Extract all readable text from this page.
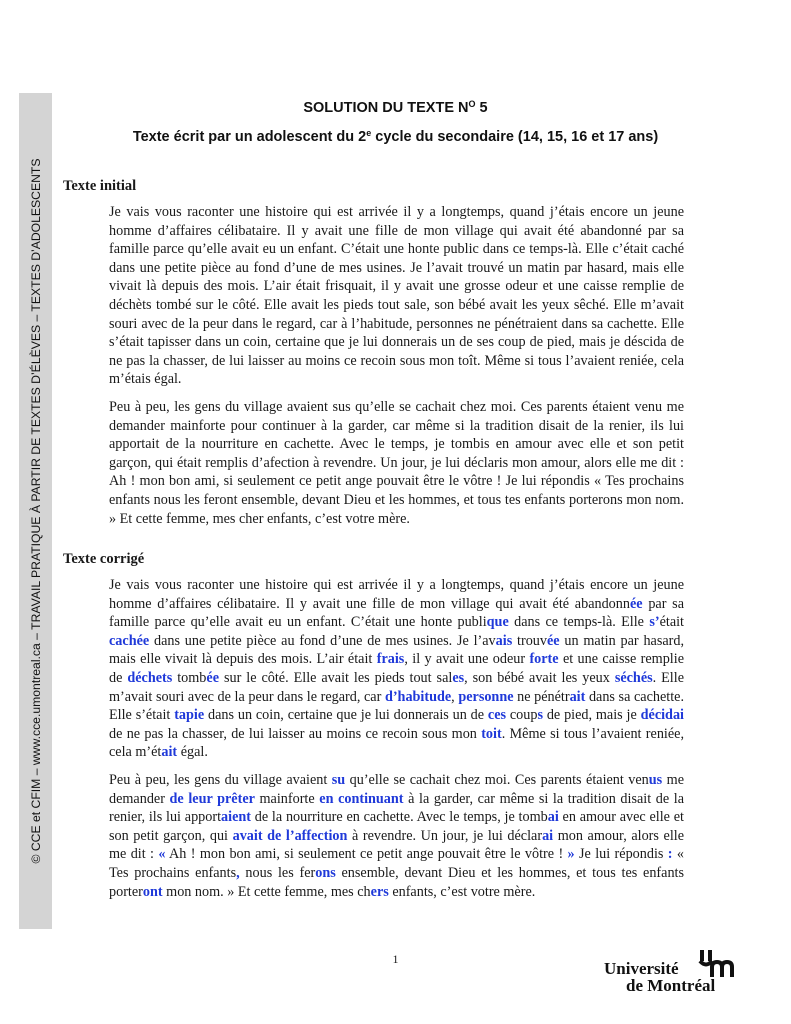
© CCE et CFIM – www.cce.umontreal.ca – TRAVAIL PRATIQUE À PARTIR DE TEXTES D’ÉLÈVES – TEXTES D’ADOLESCENTS
SOLUTION DU TEXTE $N^O$ 5
Texte écrit par un adolescent du 2e cycle du secondaire (14, 15, 16 et 17 ans)
Texte initial

Je vais vous raconter une histoire qui est arrivée il y a longtemps, quand j’étais encore un jeune homme d’affaires célibataire. Il y avait une fille de mon village qui avait été abandonné par sa famille parce qu’elle avait eu un enfant. C’était une honte public dans ce temps-là. Elle c’était caché dans une petite pièce au fond d’une de mes usines. Je l’avait trouvé un matin par hasard, mais elle vivait là depuis des mois. L’air était frisquait, il y avait une grosse odeur et une caisse remplie de déchèts tombé sur le côté. Elle avait les pieds tout sale, son bébé avait les yeux sêché. Elle m’avait souri avec de la peur dans le regard, car à l’habitude, personnes ne pénétraient dans sa cachette. Elle s’était tapisser dans un coin, certaine que je lui donnerais un de ses coup de pied, mais je déscida de ne pas la chasser, de lui laisser au moins ce recoin sous mon toît. Même si tous l’avaient reniée, cela m’étais égal.

Peu à peu, les gens du village avaient sus qu’elle se cachait chez moi. Ces parents étaient venu me demander mainforte pour continuer à la garder, car même si la tradition disait de la renier, ils lui apportait de la nourriture en cachette. Avec le temps, je tombis en amour avec elle et son petit garçon, qui était remplis d’afection à revendre. Un jour, je lui déclaris mon amour, alors elle me dit : Ah ! mon bon ami, si seulement ce petit ange pouvait être le vôtre ! Je lui répondis « Tes prochains enfants nous les feront ensemble, devant Dieu et les hommes, et tous tes enfants porterons mon nom. » Et cette femme, mes cher enfants, c’est votre mère.

Texte corrigé

Je vais vous raconter une histoire qui est arrivée il y a longtemps, quand j’étais encore un jeune homme d’affaires célibataire. Il y avait une fille de mon village qui avait été abandonnée par sa famille parce qu’elle avait eu un enfant. C’était une honte publique dans ce temps-là. Elle s’était cachée dans une petite pièce au fond d’une de mes usines. Je l’avais trouvée un matin par hasard, mais elle vivait là depuis des mois. L’air était frais, il y avait une odeur forte et une caisse remplie de déchets tombée sur le côté. Elle avait les pieds tout sales, son bébé avait les yeux séchés. Elle m’avait souri avec de la peur dans le regard, car d’habitude, personne ne pénétrait dans sa cachette. Elle s’était tapie dans un coin, certaine que je lui donnerais un de ces coups de pied, mais je décidai de ne pas la chasser, de lui laisser au moins ce recoin sous mon toit. Même si tous l’avaient reniée, cela m’était égal.

Peu à peu, les gens du village avaient su qu’elle se cachait chez moi. Ces parents étaient venus me demander de leur prêter mainforte en continuant à la garder, car même si la tradition disait de la renier, ils lui apportaient de la nourriture en cachette. Avec le temps, je tombai en amour avec elle et son petit garçon, qui avait de l’affection à revendre. Un jour, je lui déclarai mon amour, alors elle me dit : « Ah ! mon bon ami, si seulement ce petit ange pouvait être le vôtre ! » Je lui répondis : « Tes prochains enfants, nous les ferons ensemble, devant Dieu et les hommes, et tous tes enfants porteront mon nom. » Et cette femme, mes chers enfants, c’est votre mère.

1	Université
de Montréal
